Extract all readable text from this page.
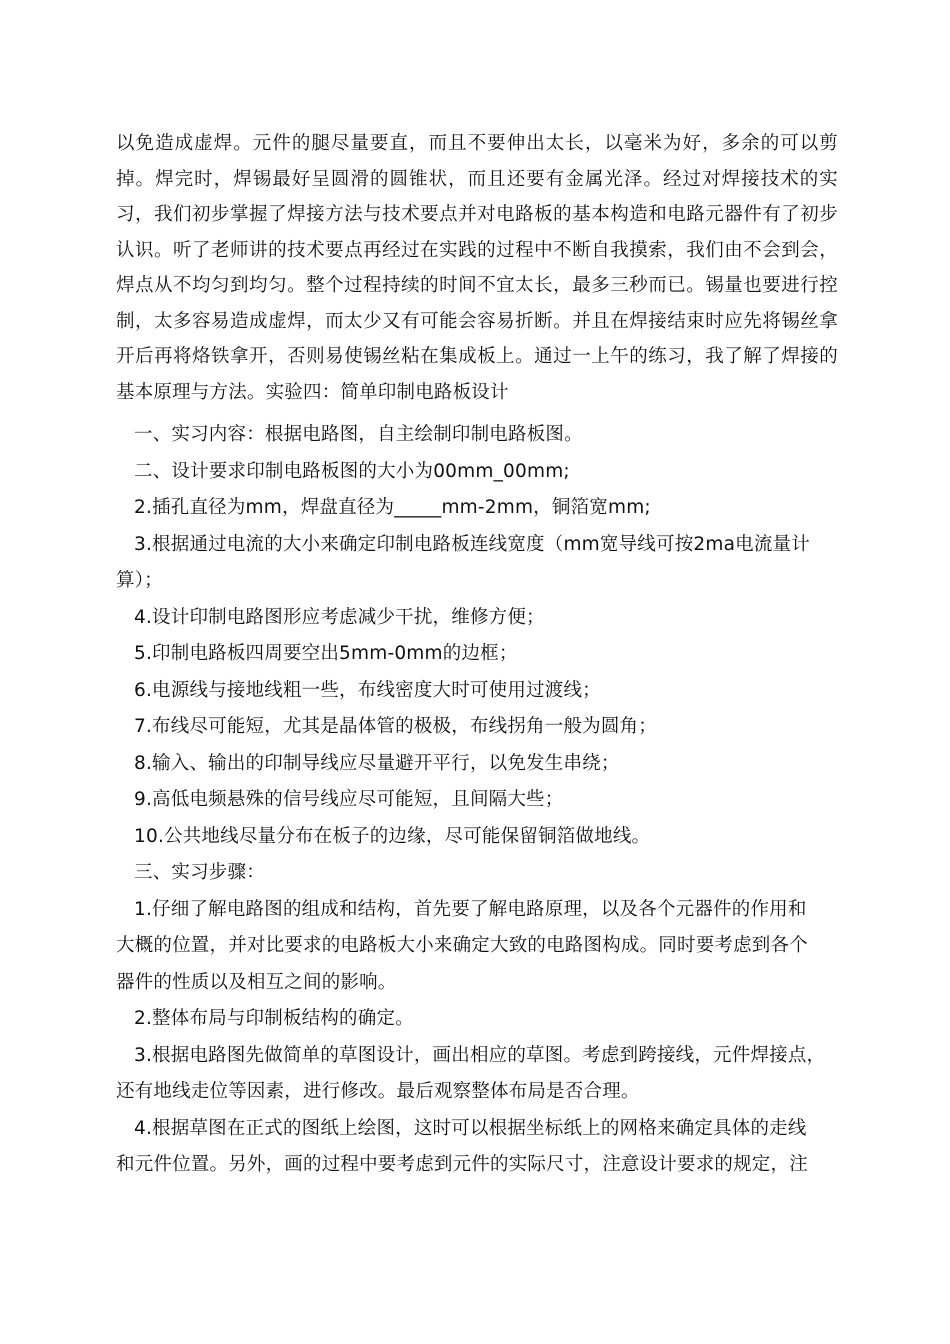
以免造成虚焊。元件的腿尽量要直，而且不要伸出太长，以毫米为好，多余的可以剪掉。焊完时，焊锡最好呈圆滑的圆锥状，而且还要有金属光泽。经过对焊接技术的实习，我们初步掌握了焊接方法与技术要点并对电路板的基本构造和电路元器件有了初步认识。听了老师讲的技术要点再经过在实践的过程中不断自我摸索，我们由不会到会，焊点从不均匀到均匀。整个过程持续的时间不宜太长，最多三秒而已。锡量也要进行控制，太多容易造成虚焊，而太少又有可能会容易折断。并且在焊接结束时应先将锡丝拿开后再将烙铁拿开，否则易使锡丝粘在集成板上。通过一上午的练习，我了解了焊接的基本原理与方法。实验四：简单印制电路板设计

一、实习内容：根据电路图，自主绘制印制电路板图。
二、设计要求印制电路板图的大小为00mm_00mm;
2.插孔直径为mm，焊盘直径为_____mm-2mm，铜箔宽mm;
3.根据通过电流的大小来确定印制电路板连线宽度（mm宽导线可按2ma电流量计
算）；
4.设计印制电路图形应考虑减少干扰，维修方便；
5.印制电路板四周要空出5mm-0mm的边框；
6.电源线与接地线粗一些，布线密度大时可使用过渡线；
7.布线尽可能短，尤其是晶体管的极极，布线拐角一般为圆角；
8.输入、输出的印制导线应尽量避开平行，以免发生串绕；
9.高低电频悬殊的信号线应尽可能短，且间隔大些；
10.公共地线尽量分布在板子的边缘，尽可能保留铜箔做地线。
三、实习步骤：
1.仔细了解电路图的组成和结构，首先要了解电路原理，以及各个元器件的作用和
大概的位置，并对比要求的电路板大小来确定大致的电路图构成。同时要考虑到各个
器件的性质以及相互之间的影响。
2.整体布局与印制板结构的确定。
3.根据电路图先做简单的草图设计，画出相应的草图。考虑到跨接线，元件焊接点，
还有地线走位等因素，进行修改。最后观察整体布局是否合理。
4.根据草图在正式的图纸上绘图，这时可以根据坐标纸上的网格来确定具体的走线
和元件位置。另外，画的过程中要考虑到元件的实际尺寸，注意设计要求的规定，注
